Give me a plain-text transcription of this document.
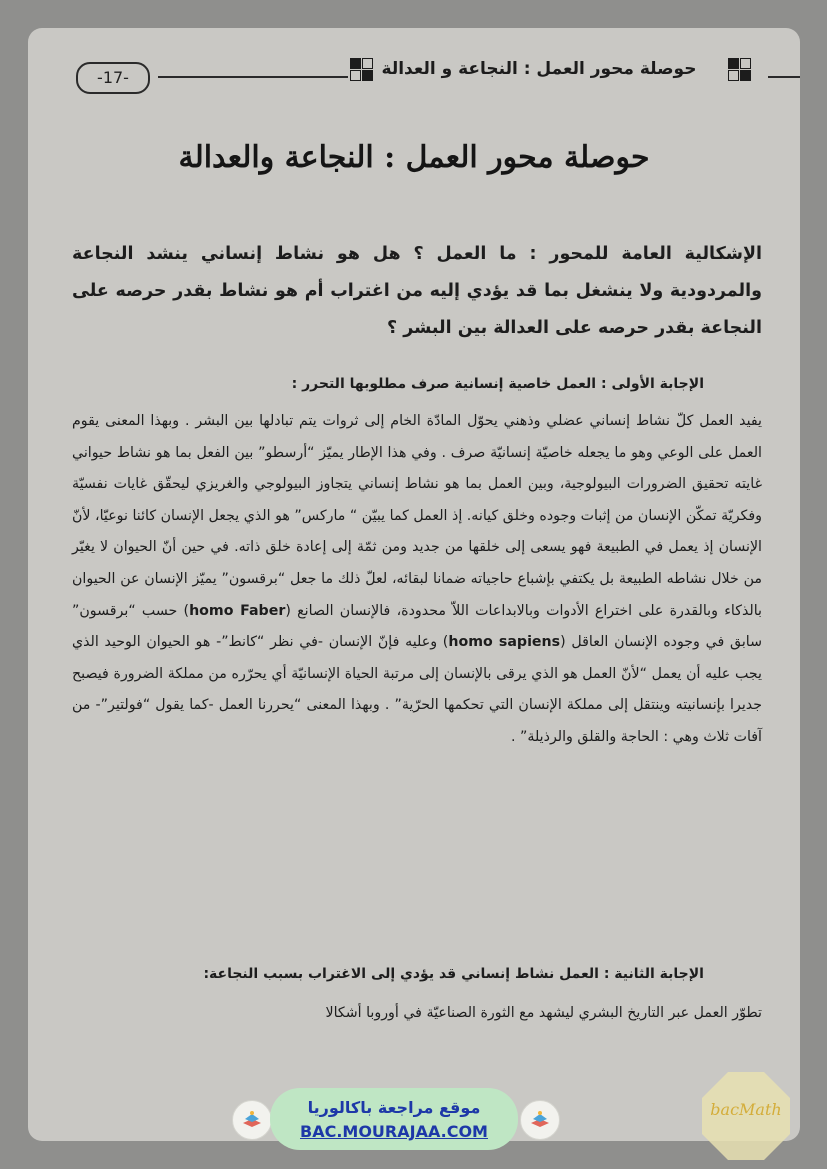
-17-	حوصلة محور العمل : النجاعة و العدالة
حوصلة محور العمل : النجاعة والعدالة
الإشكالية العامة للمحور : ما العمل ؟ هل هو نشاط إنساني ينشد النجاعة والمردودية ولا ينشغل بما قد يؤدي إليه من اغتراب أم هو نشاط بقدر حرصه على النجاعة بقدر حرصه على العدالة بين البشر ؟
الإجابة الأولى : العمل خاصية إنسانية صرف مطلوبها التحرر :
يفيد العمل كلّ نشاط إنساني عضلي وذهني يحوّل المادّة الخام إلى ثروات يتم تبادلها بين البشر . وبهذا المعنى يقوم العمل على الوعي وهو ما يجعله خاصيّة إنسانيّة صرف . وفي هذا الإطار يميّز “أرسطو” بين الفعل بما هو نشاط حيواني غايته تحقيق الضرورات البيولوجية، وبين العمل بما هو نشاط إنساني يتجاوز البيولوجي والغريزي ليحقّق غايات نفسيّة وفكريّة تمكّن الإنسان من إثبات وجوده وخلق كيانه. إذ العمل كما يبيّن “ ماركس” هو الذي يجعل الإنسان كائنا نوعيّا، لأنّ الإنسان إذ يعمل في الطبيعة فهو يسعى إلى خلقها من جديد ومن ثمّة إلى إعادة خلق ذاته. في حين أنّ الحيوان لا يغيّر من خلال نشاطه الطبيعة بل يكتفي بإشباع حاجياته ضمانا لبقائه، لعلّ ذلك ما جعل “برقسون” يميّز الإنسان عن الحيوان بالذكاء وبالقدرة على اختراع الأدوات وبالابداعات اللاّ محدودة، فالإنسان الصانع (homo Faber) حسب “برقسون” سابق في وجوده الإنسان العاقل (homo sapiens) وعليه فإنّ الإنسان -في نظر “كانط”- هو الحيوان الوحيد الذي يجب عليه أن يعمل “لأنّ العمل هو الذي يرقى بالإنسان إلى مرتبة الحياة الإنسانيّة أي يحرّره من مملكة الضرورة فيصبح جديرا بإنسانيته وينتقل إلى مملكة الإنسان التي تحكمها الحرّية” . وبهذا المعنى “يحررنا العمل -كما يقول “فولتير”- من آفات ثلاث وهي : الحاجة والقلق والرذيلة” .
الإجابة الثانية : العمل نشاط إنساني قد يؤدي إلى الاغتراب بسبب النجاعة:
تطوّر العمل عبر التاريخ البشري ليشهد مع الثورة الصناعيّة في أوروبا أشكالا
موقع مراجعة باكالوريا
BAC.MOURAJAA.COM
bacMath
